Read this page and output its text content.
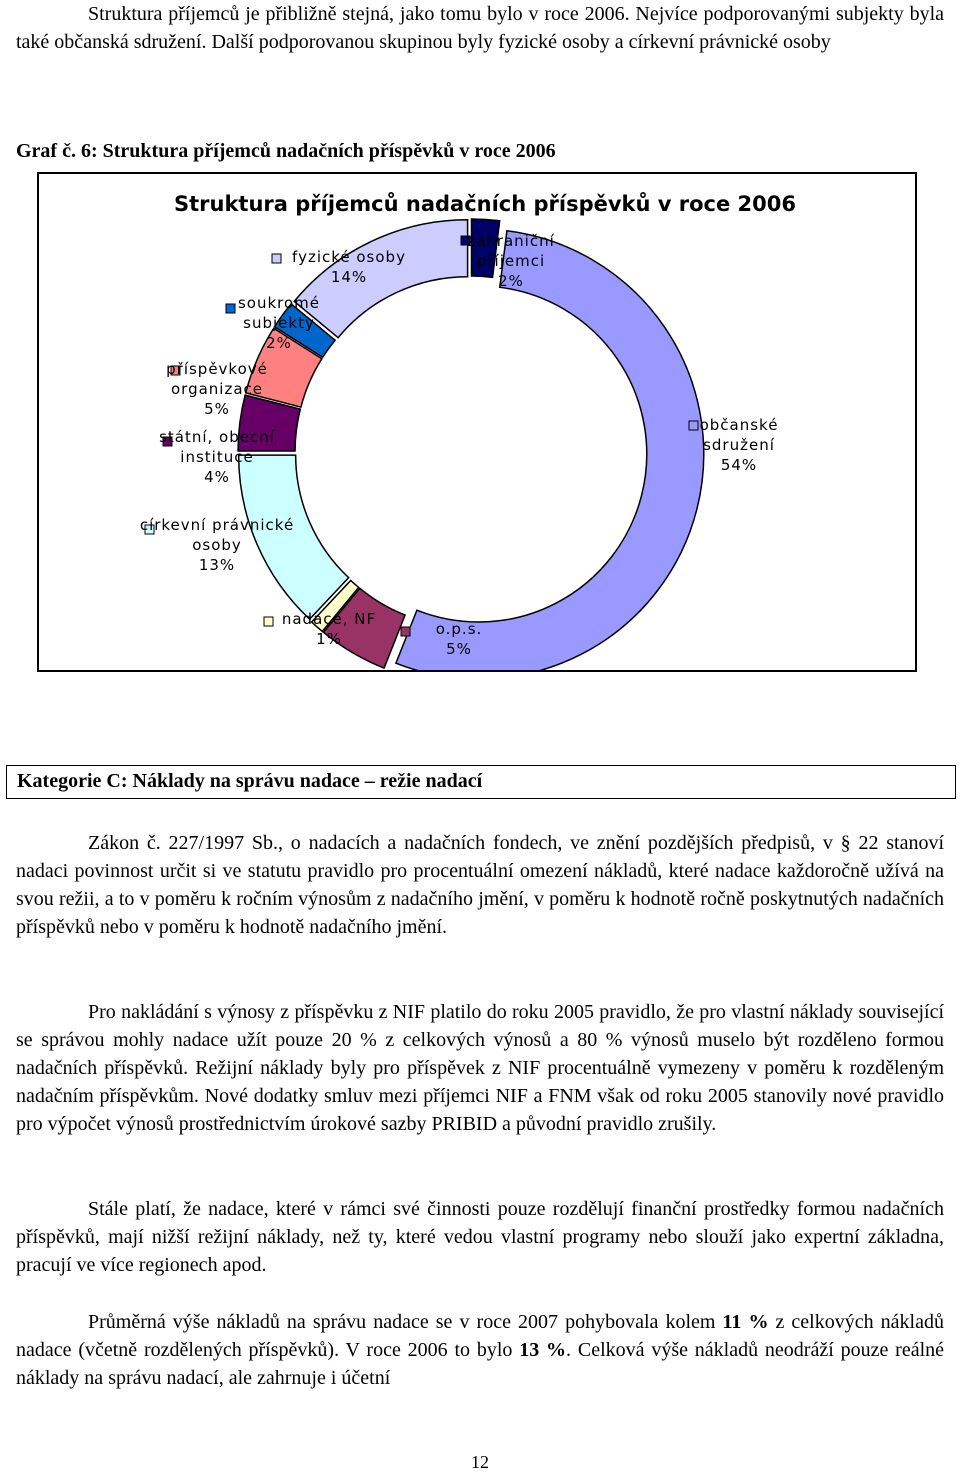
Struktura příjemců je přibližně stejná, jako tomu bylo v roce 2006. Nejvíce podporovanými subjekty byla také občanská sdružení. Další podporovanou skupinou byly fyzické osoby a církevní právnické osoby

Graf č. 6: Struktura příjemců nadačních příspěvků v roce 2006
Struktura příjemců nadačních příspěvků v roce 2006
zahraniční
příjemci
2%
občanské
sdružení
54%
o.p.s.
5%
nadace, NF
1%
církevní právnické
osoby
13%
státní, obecní
instituce
4%
příspěvkové
organizace
5%
soukromé
subjekty
2%
fyzické osoby
14%
Kategorie C: Náklady na správu nadace – režie nadací

Zákon č. 227/1997 Sb., o nadacích a nadačních fondech, ve znění pozdějších předpisů, v § 22 stanoví nadaci povinnost určit si ve statutu pravidlo pro procentuální omezení nákladů, které nadace každoročně užívá na svou režii, a to v poměru k ročním výnosům z nadačního jmění, v poměru k hodnotě ročně poskytnutých nadačních příspěvků nebo v poměru k hodnotě nadačního jmění.

Pro nakládání s výnosy z příspěvku z NIF platilo do roku 2005 pravidlo, že pro vlastní náklady související se správou mohly nadace užít pouze 20 % z celkových výnosů a 80 % výnosů muselo být rozděleno formou nadačních příspěvků. Režijní náklady byly pro příspěvek z NIF procentuálně vymezeny v poměru k rozděleným nadačním příspěvkům. Nové dodatky smluv mezi příjemci NIF a FNM však od roku 2005 stanovily nové pravidlo pro výpočet výnosů prostřednictvím úrokové sazby PRIBID a původní pravidlo zrušily.

Stále platí, že nadace, které v rámci své činnosti pouze rozdělují finanční prostředky formou nadačních příspěvků, mají nižší režijní náklady, než ty, které vedou vlastní programy nebo slouží jako expertní základna, pracují ve více regionech apod.

Průměrná výše nákladů na správu nadace se v roce 2007 pohybovala kolem 11 % z celkových nákladů nadace (včetně rozdělených příspěvků). V roce 2006 to bylo 13 %. Celková výše nákladů neodráží pouze reálné náklady na správu nadací, ale zahrnuje i účetní

12
